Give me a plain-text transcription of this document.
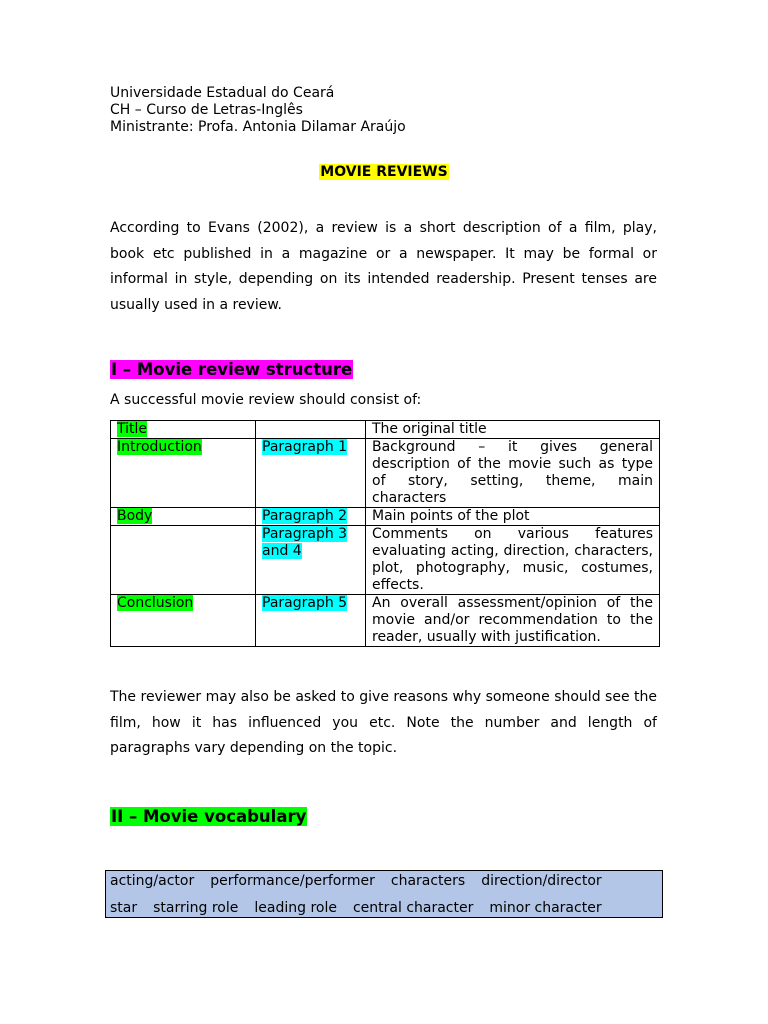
Universidade Estadual do Ceará
CH – Curso de Letras-Inglês
Ministrante: Profa. Antonia Dilamar Araújo
MOVIE REVIEWS
According to Evans (2002), a review is a short description of a film, play, book etc published in a magazine or a newspaper. It may be formal or informal in style, depending on its intended readership. Present tenses are usually used in a review.
I – Movie review structure
A successful movie review should consist of:
Title		The original title
Introduction	Paragraph 1	Background – it gives general description of the movie such as type of story, setting, theme, main characters
Body	Paragraph 2	Main points of the plot
	Paragraph 3 and 4	Comments on various features evaluating acting, direction, characters, plot, photography, music, costumes, effects.
Conclusion	Paragraph 5	An overall assessment/opinion of the movie and/or recommendation to the reader, usually with justification.
The reviewer may also be asked to give reasons why someone should see the film, how it has influenced you etc. Note the number and length of paragraphs vary depending on the topic.
II – Movie vocabulary
acting/actor performance/performer characters direction/director
star starring role leading role central character minor character
